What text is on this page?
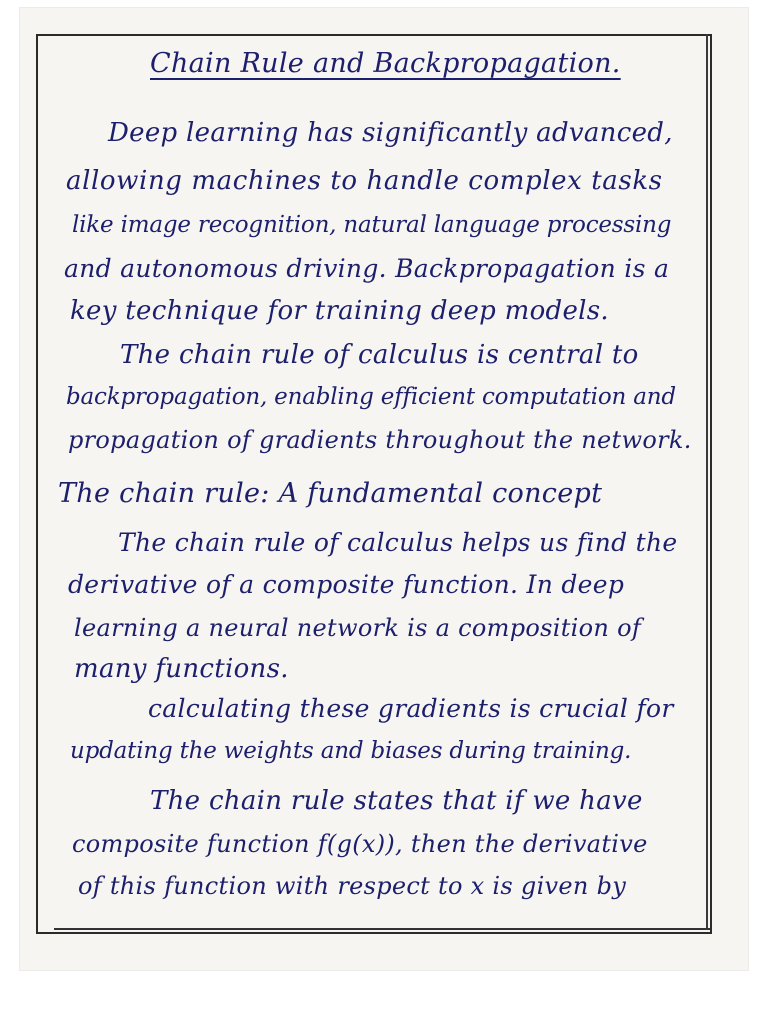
Chain Rule and Backpropagation.
Deep learning has significantly advanced,
allowing machines to handle complex tasks
like image recognition, natural language processing
and autonomous driving. Backpropagation is a
key technique for training deep models.
The chain rule of calculus is central to
backpropagation, enabling efficient computation and
propagation of gradients throughout the network.
The chain rule: A fundamental concept
The chain rule of calculus helps us find the
derivative of a composite function. In deep
learning a neural network is a composition of
many functions.
calculating these gradients is crucial for
updating the weights and biases during training.
The chain rule states that if we have
composite function f(g(x)), then the derivative
of this function with respect to x is given by
